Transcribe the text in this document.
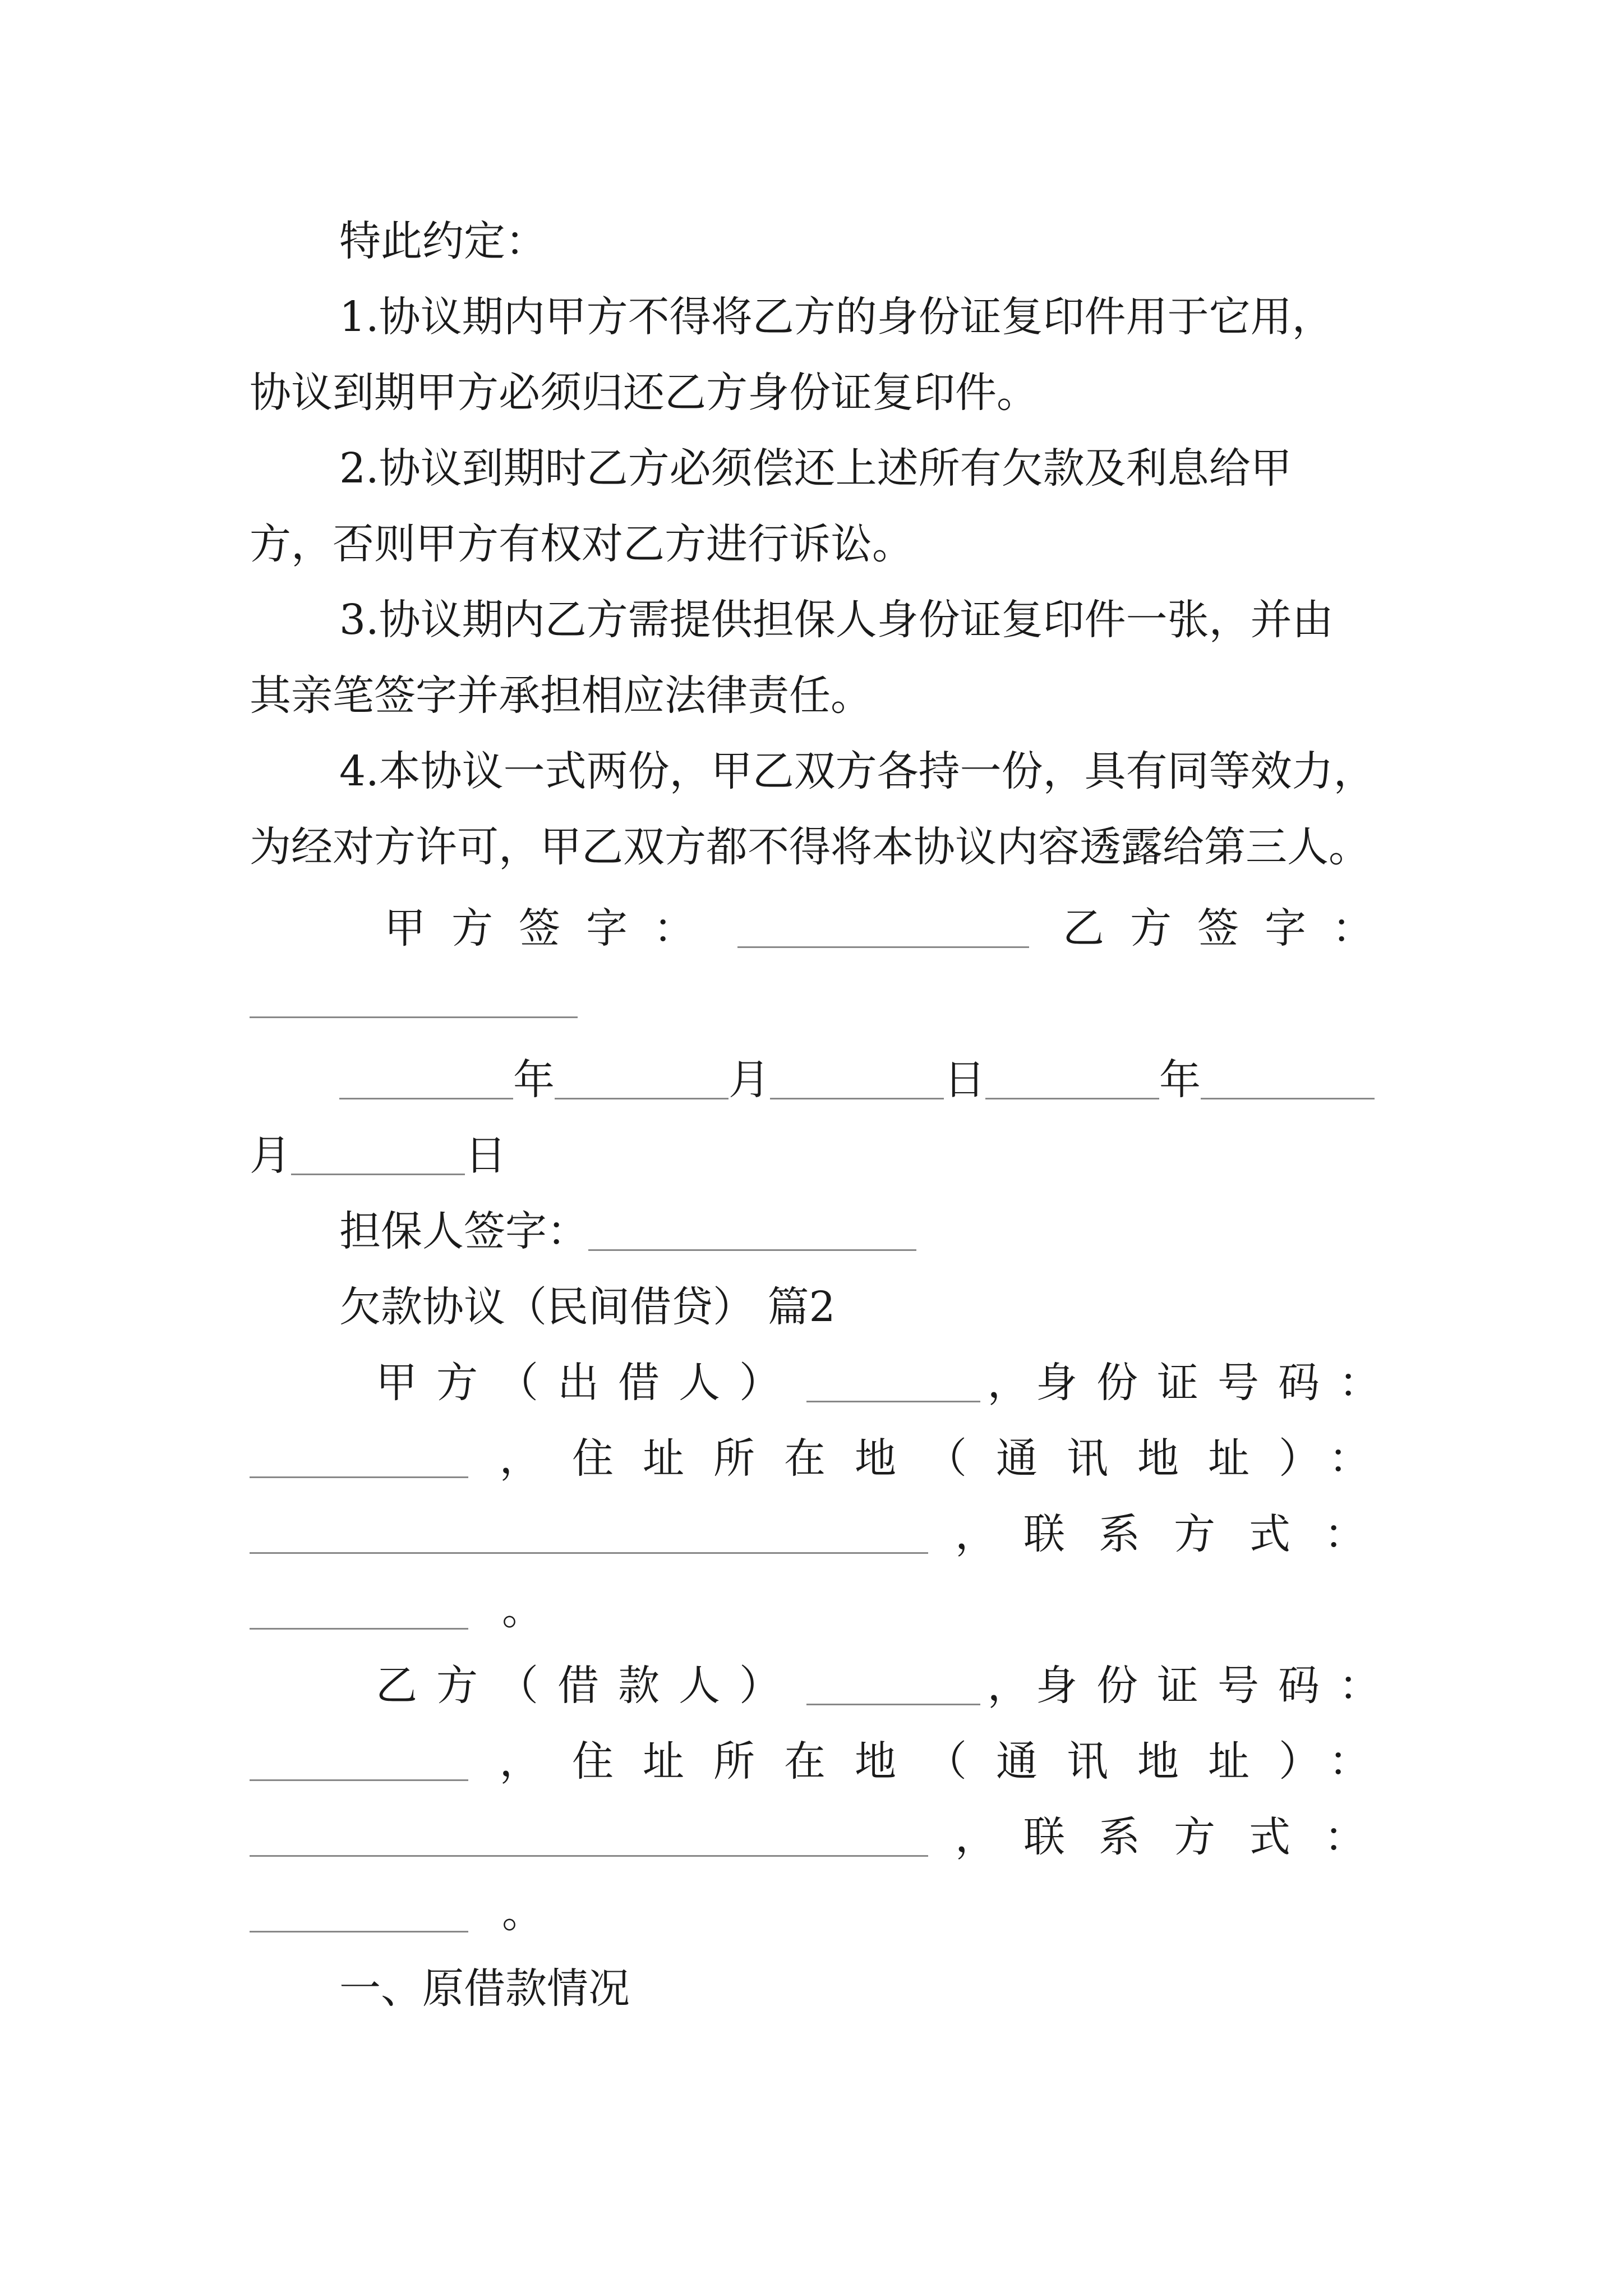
特此约定：
1.协议期内甲方不得将乙方的身份证复印件用于它用，
协议到期甲方必须归还乙方身份证复印件。
2.协议到期时乙方必须偿还上述所有欠款及利息给甲
方，否则甲方有权对乙方进行诉讼。
3.协议期内乙方需提供担保人身份证复印件一张，并由
其亲笔签字并承担相应法律责任。
4.本协议一式两份，甲乙双方各持一份，具有同等效力，
为经对方许可，甲乙双方都不得将本协议内容透露给第三人。
甲方签字：	乙方签字：
年	月	日	年
月	日
担保人签字：
欠款协议（民间借贷） 篇2
甲方（出借人）	， 身份证号码：
， 住址所在地（通讯地址）：
， 联系方式：
。
乙方（借款人）	， 身份证号码：
， 住址所在地（通讯地址）：
， 联系方式：
。
一、原借款情况
